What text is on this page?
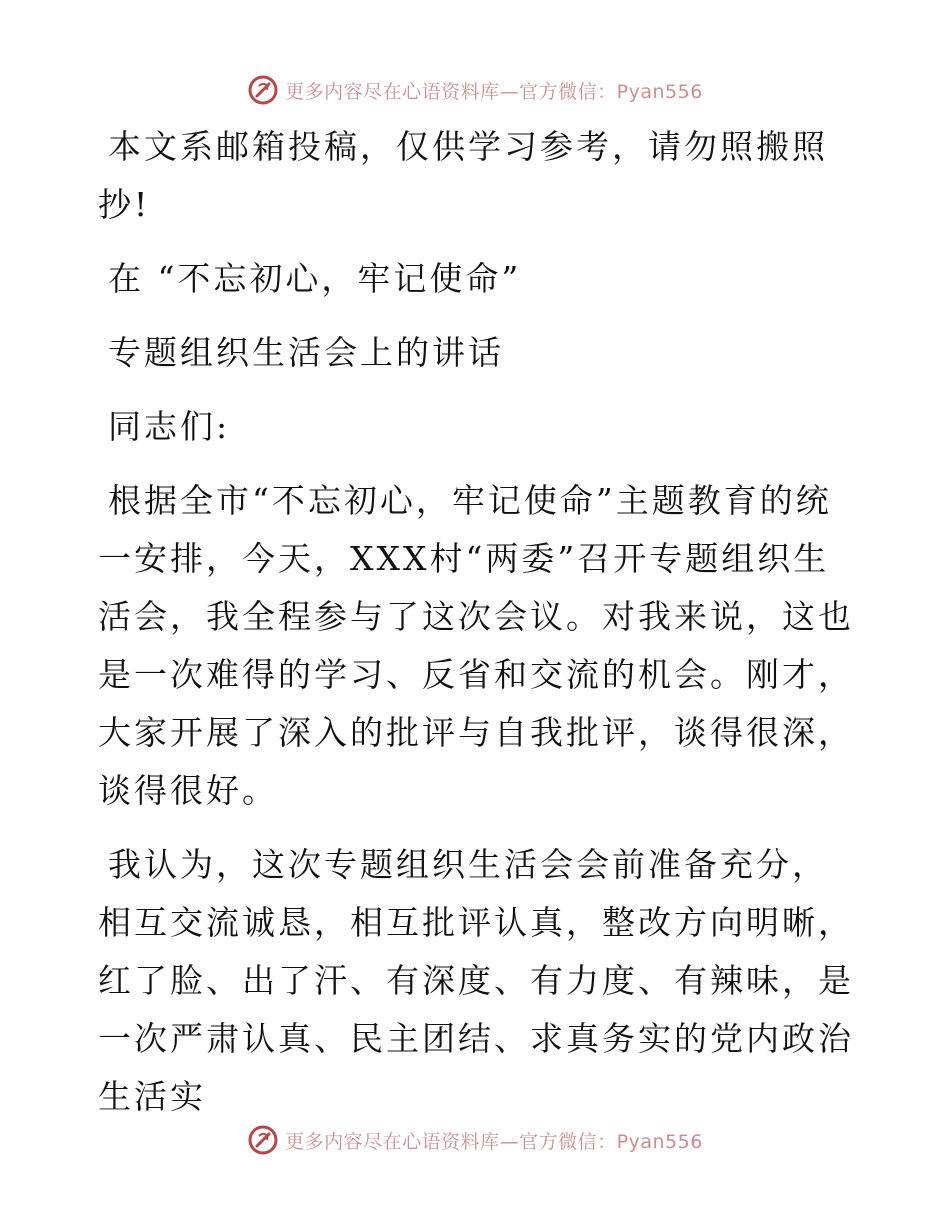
更多内容尽在心语资料库—官方微信：Pyan556

本文系邮箱投稿，仅供学习参考，请勿照搬照抄!

在 “不忘初心，牢记使命”

专题组织生活会上的讲话

同志们:

根据全市“不忘初心，牢记使命”主题教育的统一安排，今天，XXX村“两委”召开专题组织生活会，我全程参与了这次会议。对我来说，这也是一次难得的学习、反省和交流的机会。刚才，大家开展了深入的批评与自我批评，谈得很深，谈得很好。

我认为，这次专题组织生活会会前准备充分，相互交流诚恳，相互批评认真，整改方向明晰，红了脸、出了汗、有深度、有力度、有辣味，是一次严肃认真、民主团结、求真务实的党内政治生活实

更多内容尽在心语资料库—官方微信：Pyan556
